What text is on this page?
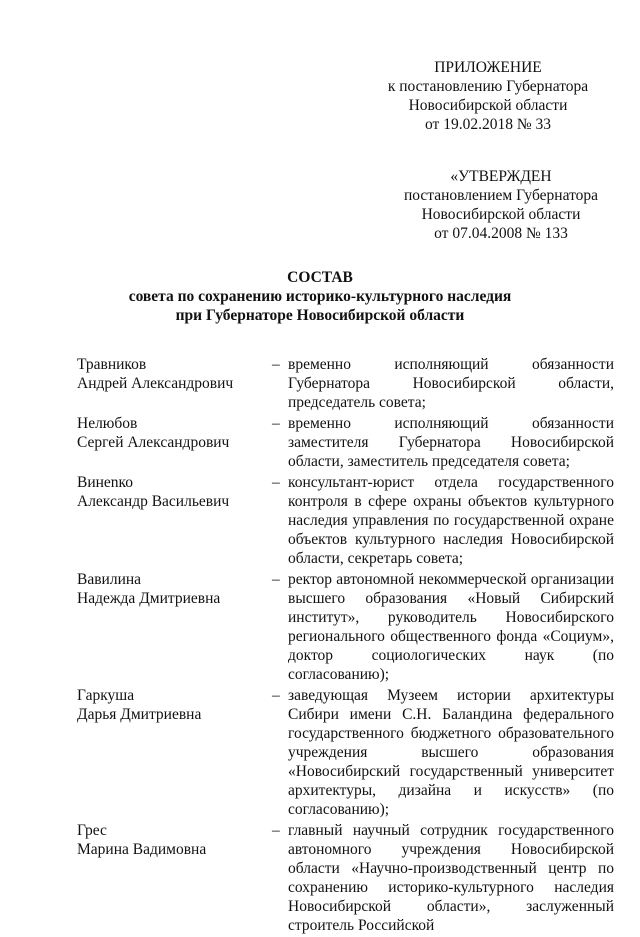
ПРИЛОЖЕНИЕ
к постановлению Губернатора
Новосибирской области
от 19.02.2018 № 33
«УТВЕРЖДЕН
постановлением Губернатора
Новосибирской области
от 07.04.2008 № 133
СОСТАВ
совета по сохранению историко-культурного наследия
при Губернаторе Новосибирской области
Травников
Андрей Александрович
– временно исполняющий обязанности Губернатора Новосибирской области, председатель совета;
Нелюбов
Сергей Александрович
– временно исполняющий обязанности заместителя Губернатора Новосибирской области, заместитель председателя совета;
Винеnко
Александр Васильевич
– консультант-юрист отдела государственного контроля в сфере охраны объектов культурного наследия управления по государственной охране объектов культурного наследия Новосибирской области, секретарь совета;
Вавилина
Надежда Дмитриевна
– ректор автономной некоммерческой организации высшего образования «Новый Сибирский институт», руководитель Новосибирского регионального общественного фонда «Социум», доктор социологических наук (по согласованию);
Гаркуша
Дарья Дмитриевна
– заведующая Музеем истории архитектуры Сибири имени С.Н. Баландина федерального государственного бюджетного образовательного учреждения высшего образования «Новосибирский государственный университет архитектуры, дизайна и искусств» (по согласованию);
Грес
Марина Вадимовна
– главный научный сотрудник государственного автономного учреждения Новосибирской области «Научно-производственный центр по сохранению историко-культурного наследия Новосибирской области», заслуженный строитель Российской
